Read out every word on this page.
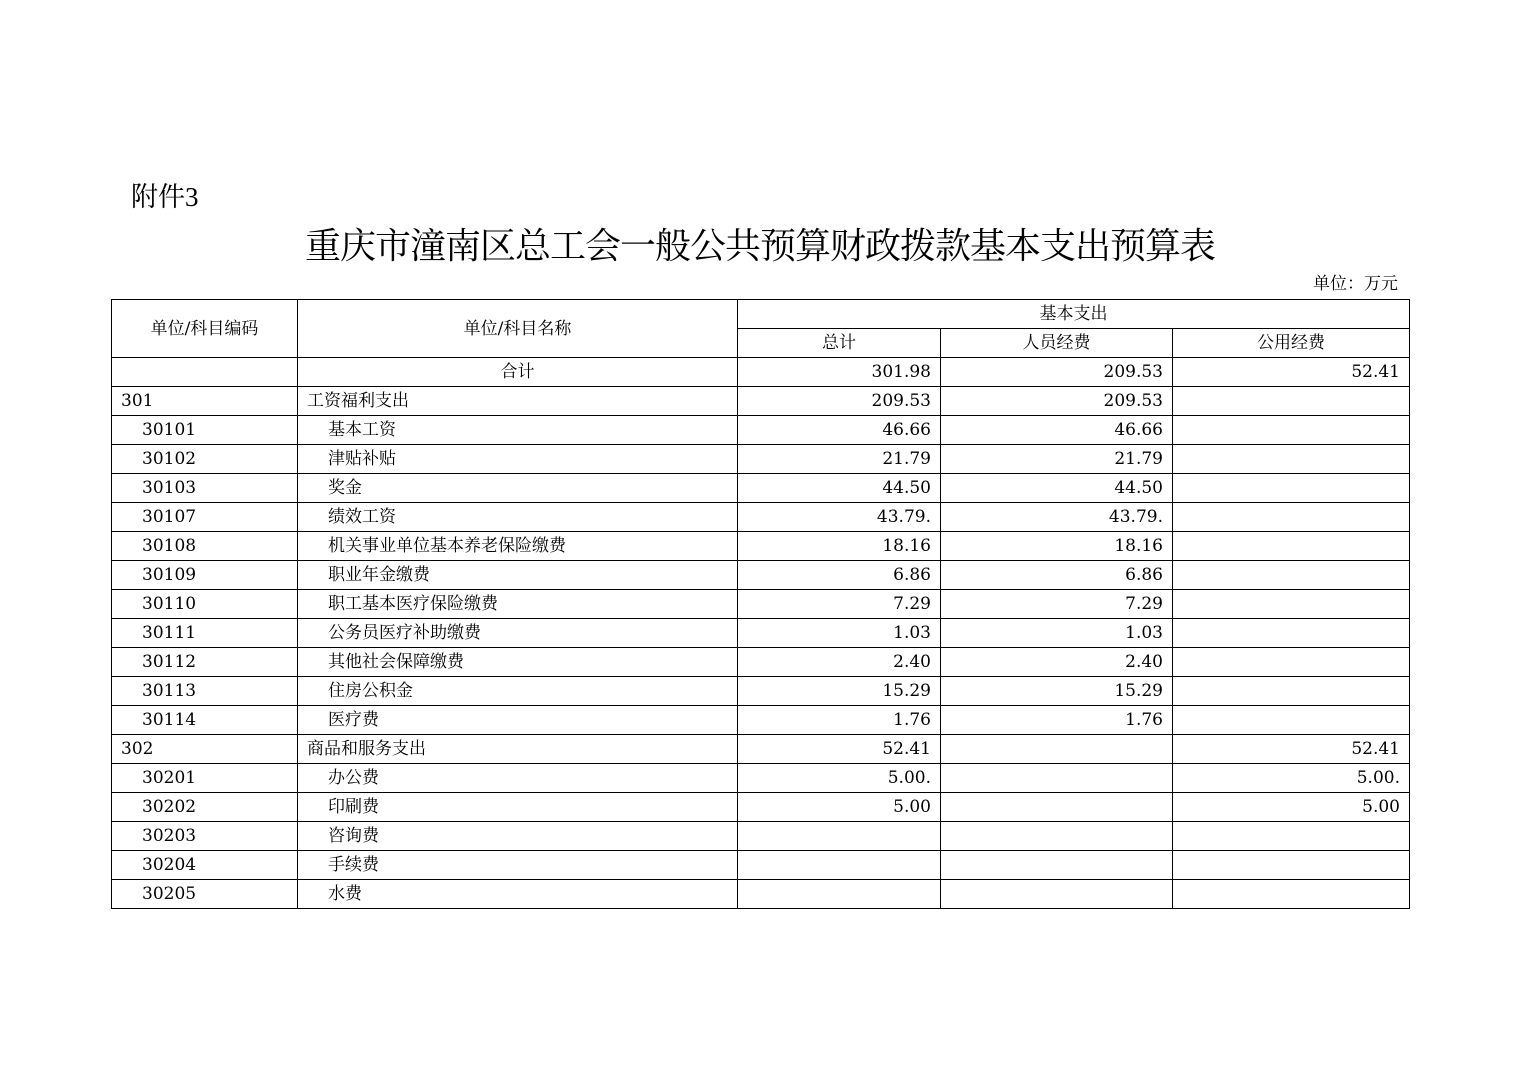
附件3
重庆市潼南区总工会一般公共预算财政拨款基本支出预算表
单位：万元
单位/科目编码	单位/科目名称	基本支出		
		总计	人员经费	公用经费
	合计	301.98	209.53	52.41
301	工资福利支出	209.53	209.53	
30101	基本工资	46.66	46.66	
30102	津贴补贴	21.79	21.79	
30103	奖金	44.50	44.50	
30107	绩效工资	43.79.	43.79.	
30108	机关事业单位基本养老保险缴费	18.16	18.16	
30109	职业年金缴费	6.86	6.86	
30110	职工基本医疗保险缴费	7.29	7.29	
30111	公务员医疗补助缴费	1.03	1.03	
30112	其他社会保障缴费	2.40	2.40	
30113	住房公积金	15.29	15.29	
30114	医疗费	1.76	1.76	
302	商品和服务支出	52.41		52.41
30201	办公费	5.00.		5.00.
30202	印刷费	5.00		5.00
30203	咨询费			
30204	手续费			
30205	水费			
